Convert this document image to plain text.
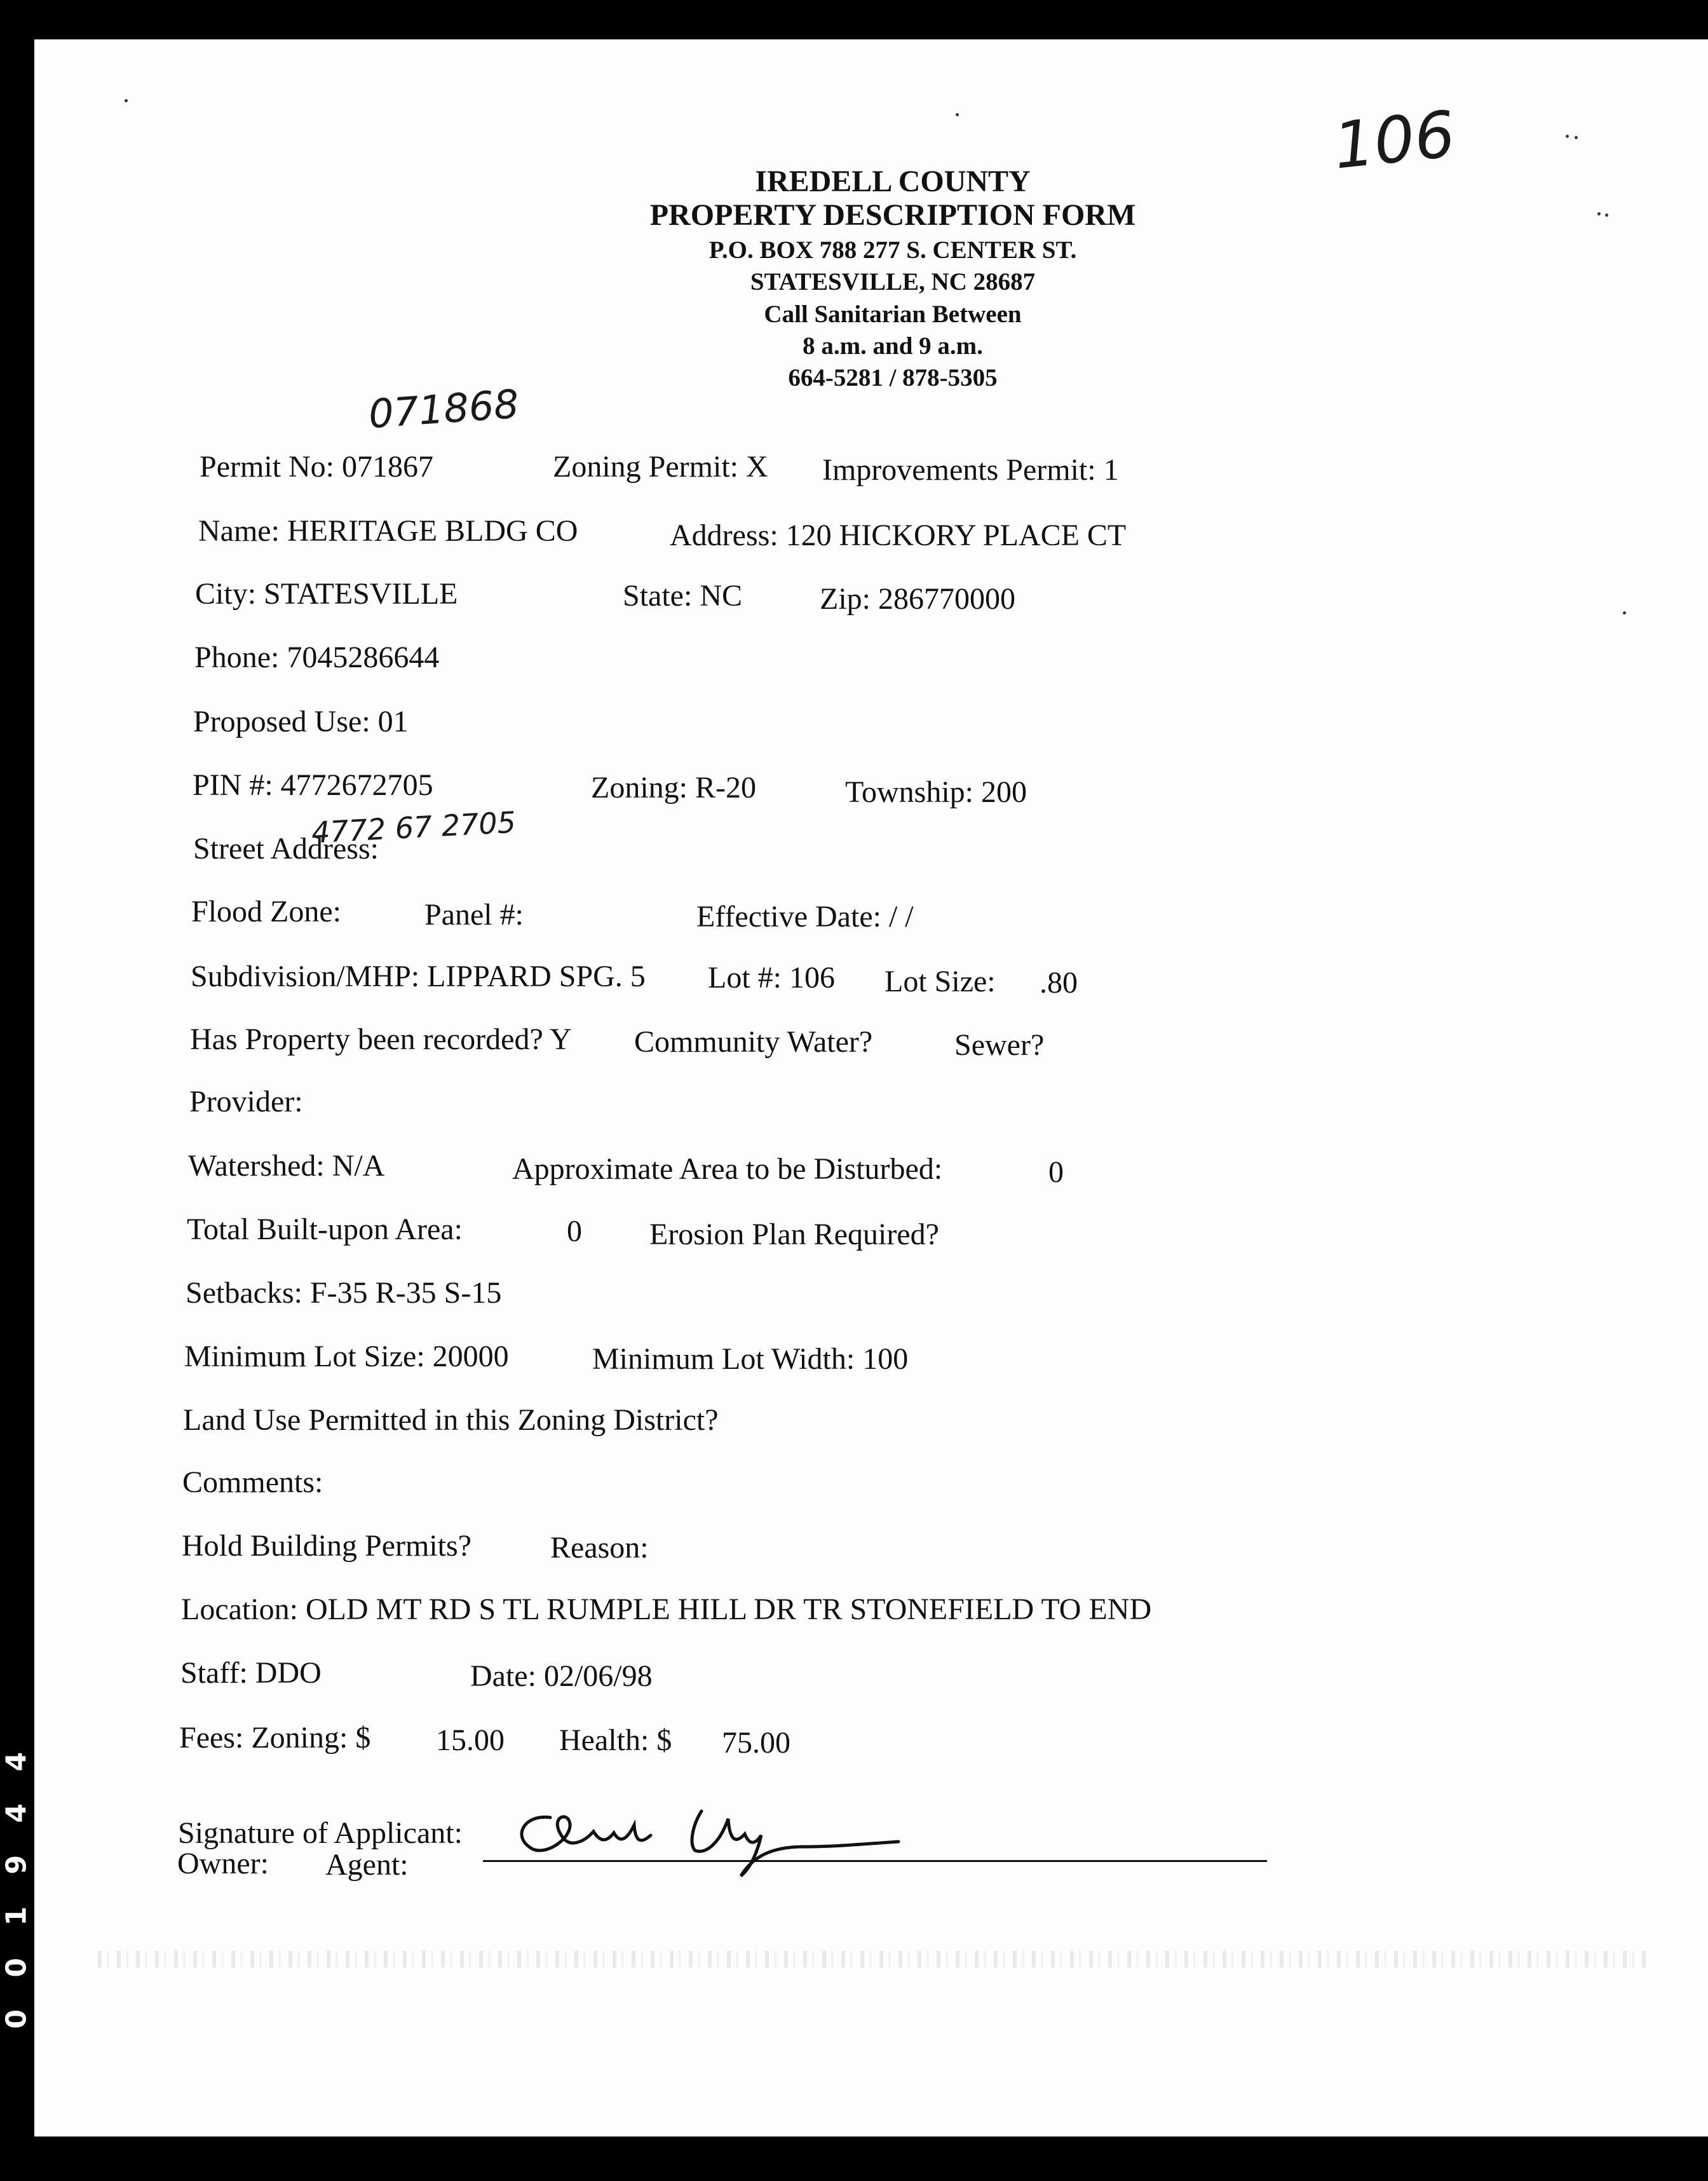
106
071868
4772 67 2705
IREDELL COUNTY
PROPERTY DESCRIPTION FORM
P.O. BOX 788 277 S. CENTER ST.
STATESVILLE, NC 28687
Call Sanitarian Between
8 a.m. and 9 a.m.
664-5281 / 878-5305
Permit No: 071867	Zoning Permit: X Improvements Permit: 1
Name: HERITAGE BLDG CO	Address: 120 HICKORY PLACE CT
City: STATESVILLE	State: NC	Zip: 286770000
Phone: 7045286644
Proposed Use: 01
PIN #: 4772672705	Zoning: R-20	Township: 200
Street Address:
Flood Zone:	Panel #:	Effective Date: / /
Subdivision/MHP: LIPPARD SPG. 5 Lot #: 106 Lot Size: .80
Has Property been recorded? Y Community Water?	Sewer?
Provider:
Watershed: N/A	Approximate Area to be Disturbed:	0
Total Built-upon Area:	0 Erosion Plan Required?
Setbacks: F-35 R-35 S-15
Minimum Lot Size: 20000	Minimum Lot Width: 100
Land Use Permitted in this Zoning District?
Comments:
Hold Building Permits?	Reason:
Location: OLD MT RD S TL RUMPLE HILL DR TR STONEFIELD TO END
Staff: DDO	Date: 02/06/98
Fees: Zoning: $ 15.00 Health: $ 75.00
Signature of Applicant:
Owner: Agent:
4
4
9
1
0
0
